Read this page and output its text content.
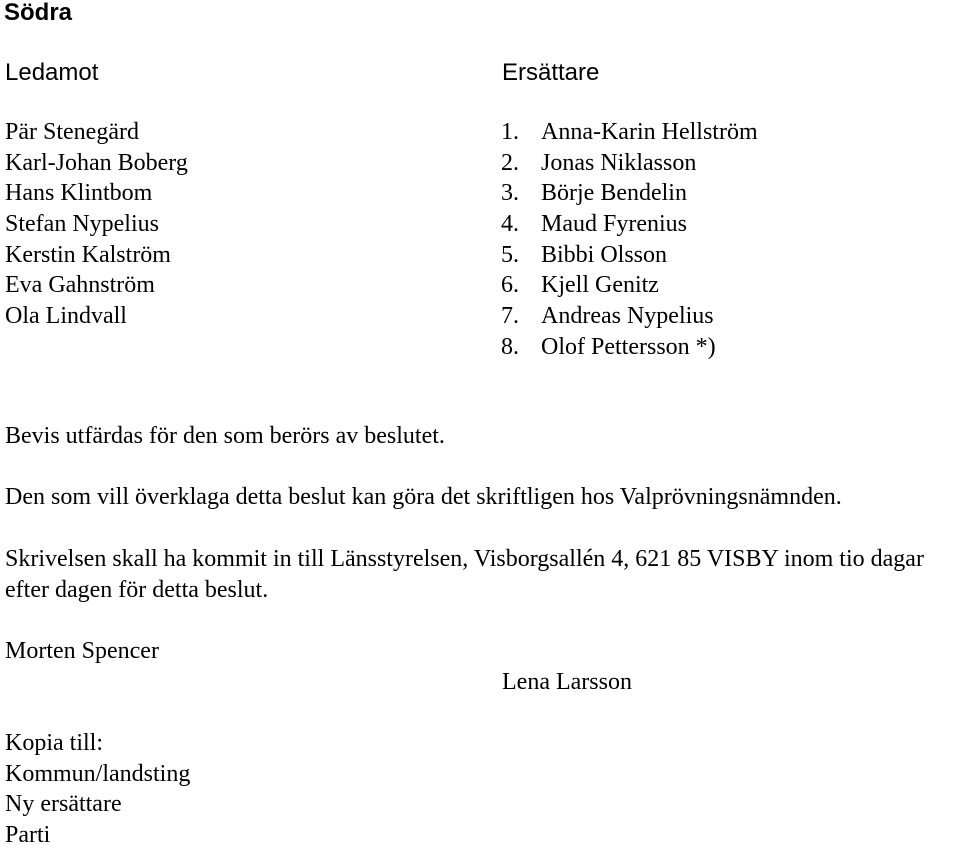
Södra
Ledamot	Ersättare
Pär Stenegärd
Karl-Johan Boberg
Hans Klintbom
Stefan Nypelius
Kerstin Kalström
Eva Gahnström
Ola Lindvall
1. Anna-Karin Hellström
2. Jonas Niklasson
3. Börje Bendelin
4. Maud Fyrenius
5. Bibbi Olsson
6. Kjell Genitz
7. Andreas Nypelius
8. Olof Pettersson *)
Bevis utfärdas för den som berörs av beslutet.
Den som vill överklaga detta beslut kan göra det skriftligen hos Valprövningsnämnden.
Skrivelsen skall ha kommit in till Länsstyrelsen, Visborgsallén 4, 621 85 VISBY inom tio dagar efter dagen för detta beslut.
Morten Spencer
Lena Larsson
Kopia till:
Kommun/landsting
Ny ersättare
Parti
